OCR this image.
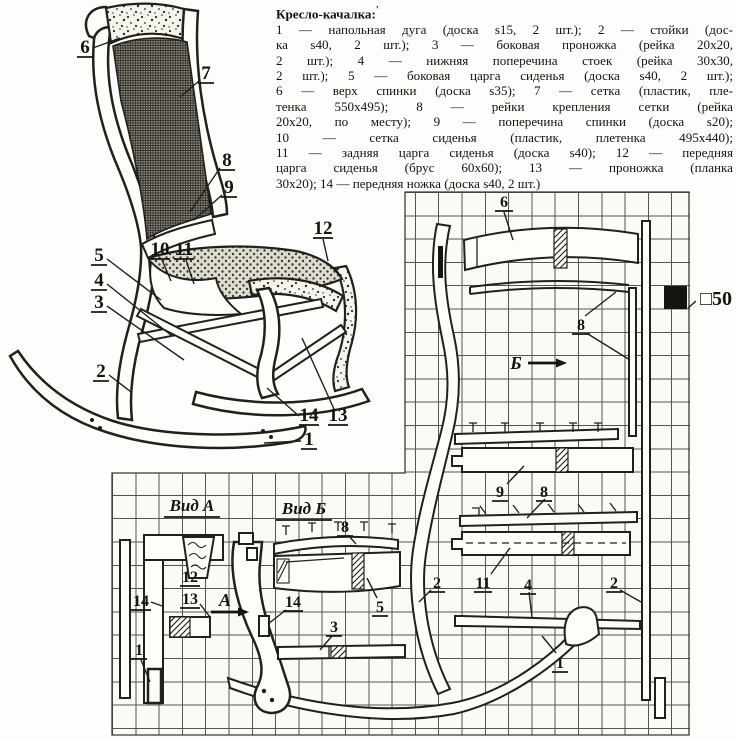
6
8
Б
9 8
2 11 4	2
1
5
3
8
12
13
14	14
1
А
Вид А	Вид Б
□50
6
7
8
9
12
10 11
5
4
3
2
14 13
1
Кресло-качалка:'
1 — напольная дуга (доска s15, 2 шт.); 2 — стойки (дос-
ка s40, 2 шт.); 3 — боковая проножка (рейка 20х20,
2 шт.); 4 — нижняя поперечина стоек (рейка 30х30,
2 шт.); 5 — боковая царга сиденья (доска s40, 2 шт.);
6 — верх спинки (доска s35); 7 — сетка (пластик, пле-
тенка 550х495); 8 — рейки крепления сетки (рейка
20х20, по месту); 9 — поперечина спинки (доска s20);
10 — сетка сиденья (пластик, плетенка 495х440);
11 — задняя царга сиденья (доска s40); 12 — передняя
царга сиденья (брус 60х60); 13 — проножка (планка
30х20); 14 — передняя ножка (доска s40, 2 шт.)
